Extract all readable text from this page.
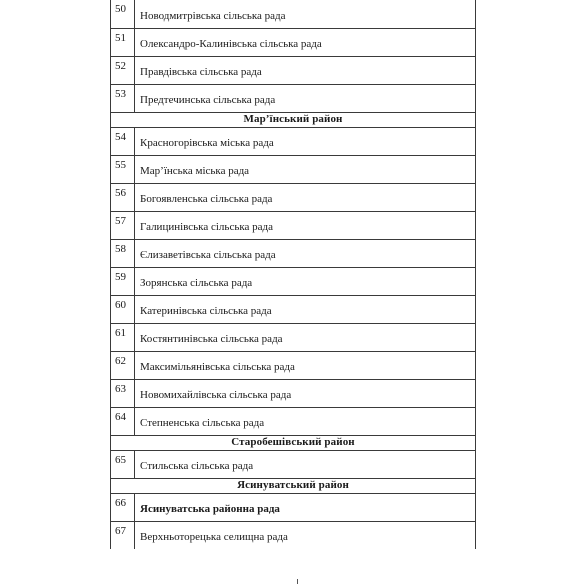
50	Новодмитрівська сільська рада
51	Олександро-Калинівська сільська рада
52	Правдівська сільська рада
53	Предтечинська сільська рада
Мар’їнський район	
54	Красногорівська міська рада
55	Мар’їнська міська рада
56	Богоявленська сільська рада
57	Галицинівська сільська рада
58	Єлизаветівська сільська рада
59	Зорянська сільська рада
60	Катеринівська сільська рада
61	Костянтинівська сільська рада
62	Максимільянівська сільська рада
63	Новомихайлівська сільська рада
64	Степненська сільська рада
Старобешівський район	
65	Стильська сільська рада
Ясинуватський район	
66	Ясинуватська районна рада
67	Верхньоторецька селищна рада
